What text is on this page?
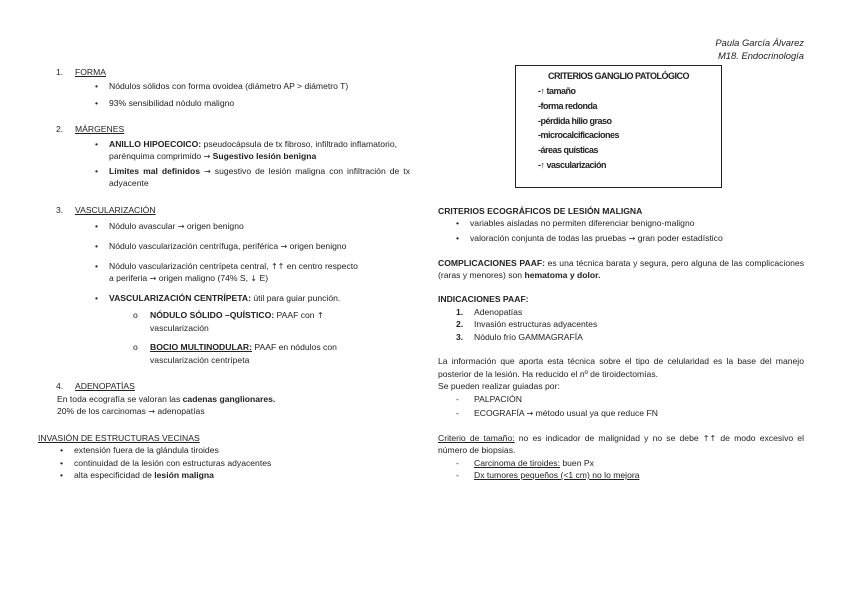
Paula García Álvarez
M18. Endocrinología
1. FORMA
• Nódulos sólidos con forma ovoidea (diámetro AP > diámetro T)
• 93% sensibilidad nódulo maligno
2. MÁRGENES
• ANILLO HIPOECOICO: pseudocápsula de tx fibroso, infiltrado inflamatorio, parénquima comprimido → Sugestivo lesión benigna
• Límites mal definidos → sugestivo de lesión maligna con infiltración de tx adyacente
3. VASCULARIZACIÓN
• Nódulo avascular → origen benigno
• Nódulo vascularización centrífuga, periférica → origen benigno
• Nódulo vascularización centrípeta central, ↑↑ en centro respecto a periferia → origen maligno (74% S, ↓ E)
• VASCULARIZACIÓN CENTRÍPETA: útil para guiar punción.
o NÓDULO SÓLIDO –QUÍSTICO: PAAF con ↑ vascularización
o BOCIO MULTINODULAR: PAAF en nódulos con vascularización centrípeta
4. ADENOPATÍAS
En toda ecografía se valoran las cadenas ganglionares.
20% de los carcinomas → adenopatías
INVASIÓN DE ESTRUCTURAS VECINAS
• extensión fuera de la glándula tiroides
• continuidad de la lesión con estructuras adyacentes
• alta especificidad de lesión maligna
CRITERIOS GANGLIO PATOLÓGICO
-↑ tamaño
-forma redonda
-pérdida hilio graso
-microcalcificaciones
-áreas quísticas
-↑ vascularización
CRITERIOS ECOGRÁFICOS DE LESIÓN MALIGNA
• variables aisladas no permiten diferenciar benigno-maligno
• valoración conjunta de todas las pruebas → gran poder estadístico
COMPLICACIONES PAAF: es una técnica barata y segura, pero alguna de las complicaciones (raras y menores) son hematoma y dolor.
INDICACIONES PAAF:
1. Adenopatías
2. Invasión estructuras adyacentes
3. Nódulo frío GAMMAGRAFÍA
La información que aporta esta técnica sobre el tipo de celularidad es la base del manejo posterior de la lesión. Ha reducido el nº de tiroidectomías.
Se pueden realizar guiadas por:
- PALPACIÓN
- ECOGRAFÍA → método usual ya que reduce FN
Criterio de tamaño: no es indicador de malignidad y no se debe ↑↑ de modo excesivo el número de biopsias.
- Carcinoma de tiroides: buen Px
- Dx tumores pequeños (<1 cm) no lo mejora
